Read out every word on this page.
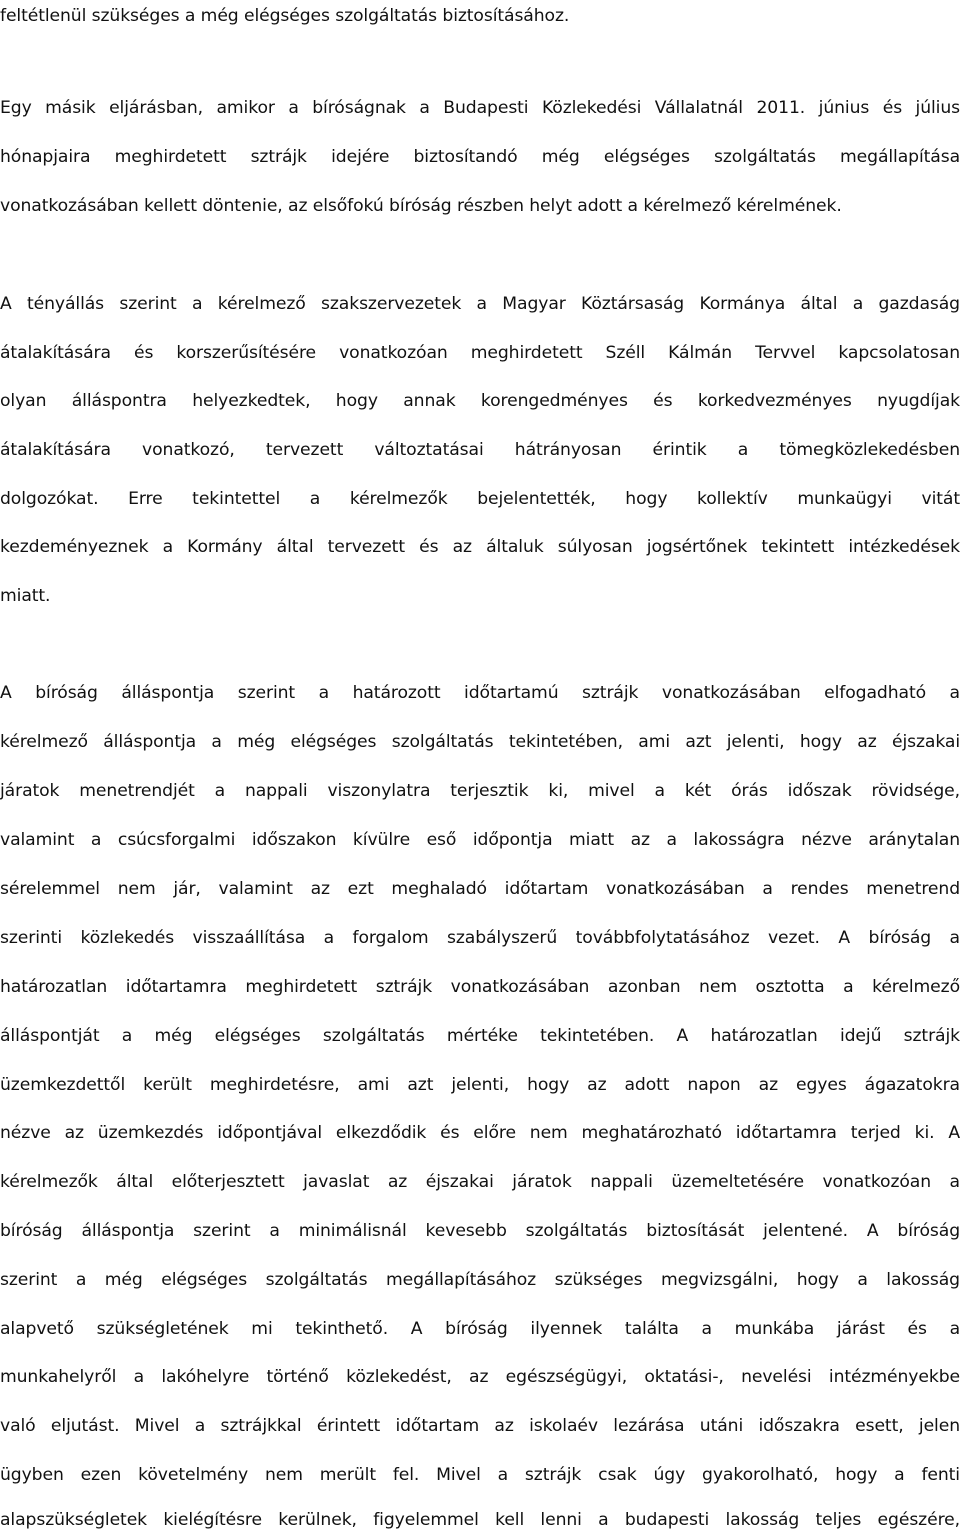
feltétlenül szükséges a még elégséges szolgáltatás biztosításához.
Egy másik eljárásban, amikor a bíróságnak a Budapesti Közlekedési Vállalatnál 2011. június és július
hónapjaira meghirdetett sztrájk idejére biztosítandó még elégséges szolgáltatás megállapítása
vonatkozásában kellett döntenie, az elsőfokú bíróság részben helyt adott a kérelmező kérelmének.
A tényállás szerint a kérelmező szakszervezetek a Magyar Köztársaság Kormánya által a gazdaság
átalakítására és korszerűsítésére vonatkozóan meghirdetett Széll Kálmán Tervvel kapcsolatosan
olyan álláspontra helyezkedtek, hogy annak korengedményes és korkedvezményes nyugdíjak
átalakítására vonatkozó, tervezett változtatásai hátrányosan érintik a tömegközlekedésben
dolgozókat. Erre tekintettel a kérelmezők bejelentették, hogy kollektív munkaügyi vitát
kezdeményeznek a Kormány által tervezett és az általuk súlyosan jogsértőnek tekintett intézkedések
miatt.
A bíróság álláspontja szerint a határozott időtartamú sztrájk vonatkozásában elfogadható a
kérelmező álláspontja a még elégséges szolgáltatás tekintetében, ami azt jelenti, hogy az éjszakai
járatok menetrendjét a nappali viszonylatra terjesztik ki, mivel a két órás időszak rövidsége,
valamint a csúcsforgalmi időszakon kívülre eső időpontja miatt az a lakosságra nézve aránytalan
sérelemmel nem jár, valamint az ezt meghaladó időtartam vonatkozásában a rendes menetrend
szerinti közlekedés visszaállítása a forgalom szabályszerű továbbfolytatásához vezet. A bíróság a
határozatlan időtartamra meghirdetett sztrájk vonatkozásában azonban nem osztotta a kérelmező
álláspontját a még elégséges szolgáltatás mértéke tekintetében. A határozatlan idejű sztrájk
üzemkezdettől került meghirdetésre, ami azt jelenti, hogy az adott napon az egyes ágazatokra
nézve az üzemkezdés időpontjával elkezdődik és előre nem meghatározható időtartamra terjed ki. A
kérelmezők által előterjesztett javaslat az éjszakai járatok nappali üzemeltetésére vonatkozóan a
bíróság álláspontja szerint a minimálisnál kevesebb szolgáltatás biztosítását jelentené. A bíróság
szerint a még elégséges szolgáltatás megállapításához szükséges megvizsgálni, hogy a lakosság
alapvető szükségletének mi tekinthető. A bíróság ilyennek találta a munkába járást és a
munkahelyről a lakóhelyre történő közlekedést, az egészségügyi, oktatási-, nevelési intézményekbe
való eljutást. Mivel a sztrájkkal érintett időtartam az iskolaév lezárása utáni időszakra esett, jelen
ügyben ezen követelmény nem merült fel. Mivel a sztrájk csak úgy gyakorolható, hogy a fenti
alapszükségletek kielégítésre kerülnek, figyelemmel kell lenni a budapesti lakosság teljes egészére,
